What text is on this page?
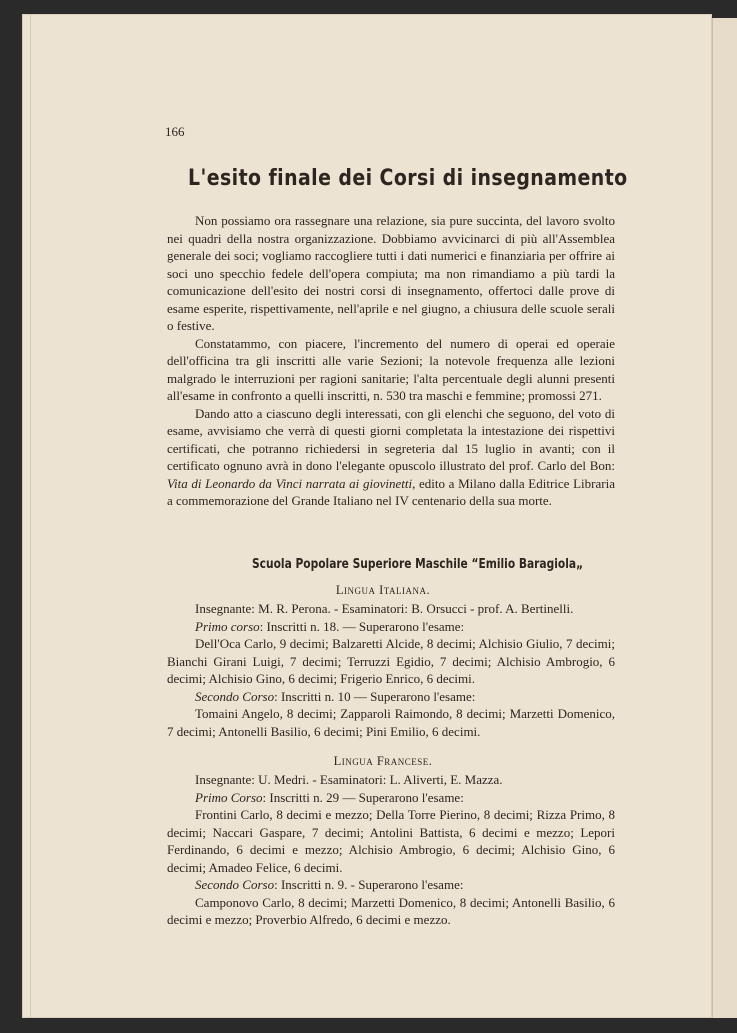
166
L'esito finale dei Corsi di insegnamento

Non possiamo ora rassegnare una relazione, sia pure succinta, del lavoro svolto nei quadri della nostra organizzazione. Dobbiamo avvicinarci di più all'Assemblea generale dei soci; vogliamo raccogliere tutti i dati numerici e finanziaria per offrire ai soci uno specchio fedele dell'opera compiuta; ma non rimandiamo a più tardi la comunicazione dell'esito dei nostri corsi di insegnamento, offertoci dalle prove di esame esperite, rispettivamente, nell'aprile e nel giugno, a chiusura delle scuole serali o festive.

Constatammo, con piacere, l'incremento del numero di operai ed operaie dell'officina tra gli inscritti alle varie Sezioni; la notevole frequenza alle lezioni malgrado le interruzioni per ragioni sanitarie; l'alta percentuale degli alunni presenti all'esame in confronto a quelli inscritti, n. 530 tra maschi e femmine; promossi 271.

Dando atto a ciascuno degli interessati, con gli elenchi che seguono, del voto di esame, avvisiamo che verrà di questi giorni completata la intestazione dei rispettivi certificati, che potranno richiedersi in segreteria dal 15 luglio in avanti; con il certificato ognuno avrà in dono l'elegante opuscolo illustrato del prof. Carlo del Bon: Vita di Leonardo da Vinci narrata ai giovinetti, edito a Milano dalla Editrice Libraria a commemorazione del Grande Italiano nel IV centenario della sua morte.

Scuola Popolare Superiore Maschile “Emilio Baragiola„
Lingua Italiana.

Insegnante: M. R. Perona. - Esaminatori: B. Orsucci - prof. A. Bertinelli.

Primo corso: Inscritti n. 18. — Superarono l'esame:

Dell'Oca Carlo, 9 decimi; Balzaretti Alcide, 8 decimi; Alchisio Giulio, 7 decimi; Bianchi Girani Luigi, 7 decimi; Terruzzi Egidio, 7 decimi; Alchisio Ambrogio, 6 decimi; Alchisio Gino, 6 decimi; Frigerio Enrico, 6 decimi.

Secondo Corso: Inscritti n. 10 — Superarono l'esame:

Tomaini Angelo, 8 decimi; Zapparoli Raimondo, 8 decimi; Marzetti Domenico, 7 decimi; Antonelli Basilio, 6 decimi; Pini Emilio, 6 decimi.

Lingua Francese.

Insegnante: U. Medri. - Esaminatori: L. Aliverti, E. Mazza.

Primo Corso: Inscritti n. 29 — Superarono l'esame:

Frontini Carlo, 8 decimi e mezzo; Della Torre Pierino, 8 decimi; Rizza Primo, 8 decimi; Naccari Gaspare, 7 decimi; Antolini Battista, 6 decimi e mezzo; Lepori Ferdinando, 6 decimi e mezzo; Alchisio Ambrogio, 6 decimi; Alchisio Gino, 6 decimi; Amadeo Felice, 6 decimi.

Secondo Corso: Inscritti n. 9. - Superarono l'esame:

Camponovo Carlo, 8 decimi; Marzetti Domenico, 8 decimi; Antonelli Basilio, 6 decimi e mezzo; Proverbio Alfredo, 6 decimi e mezzo.
